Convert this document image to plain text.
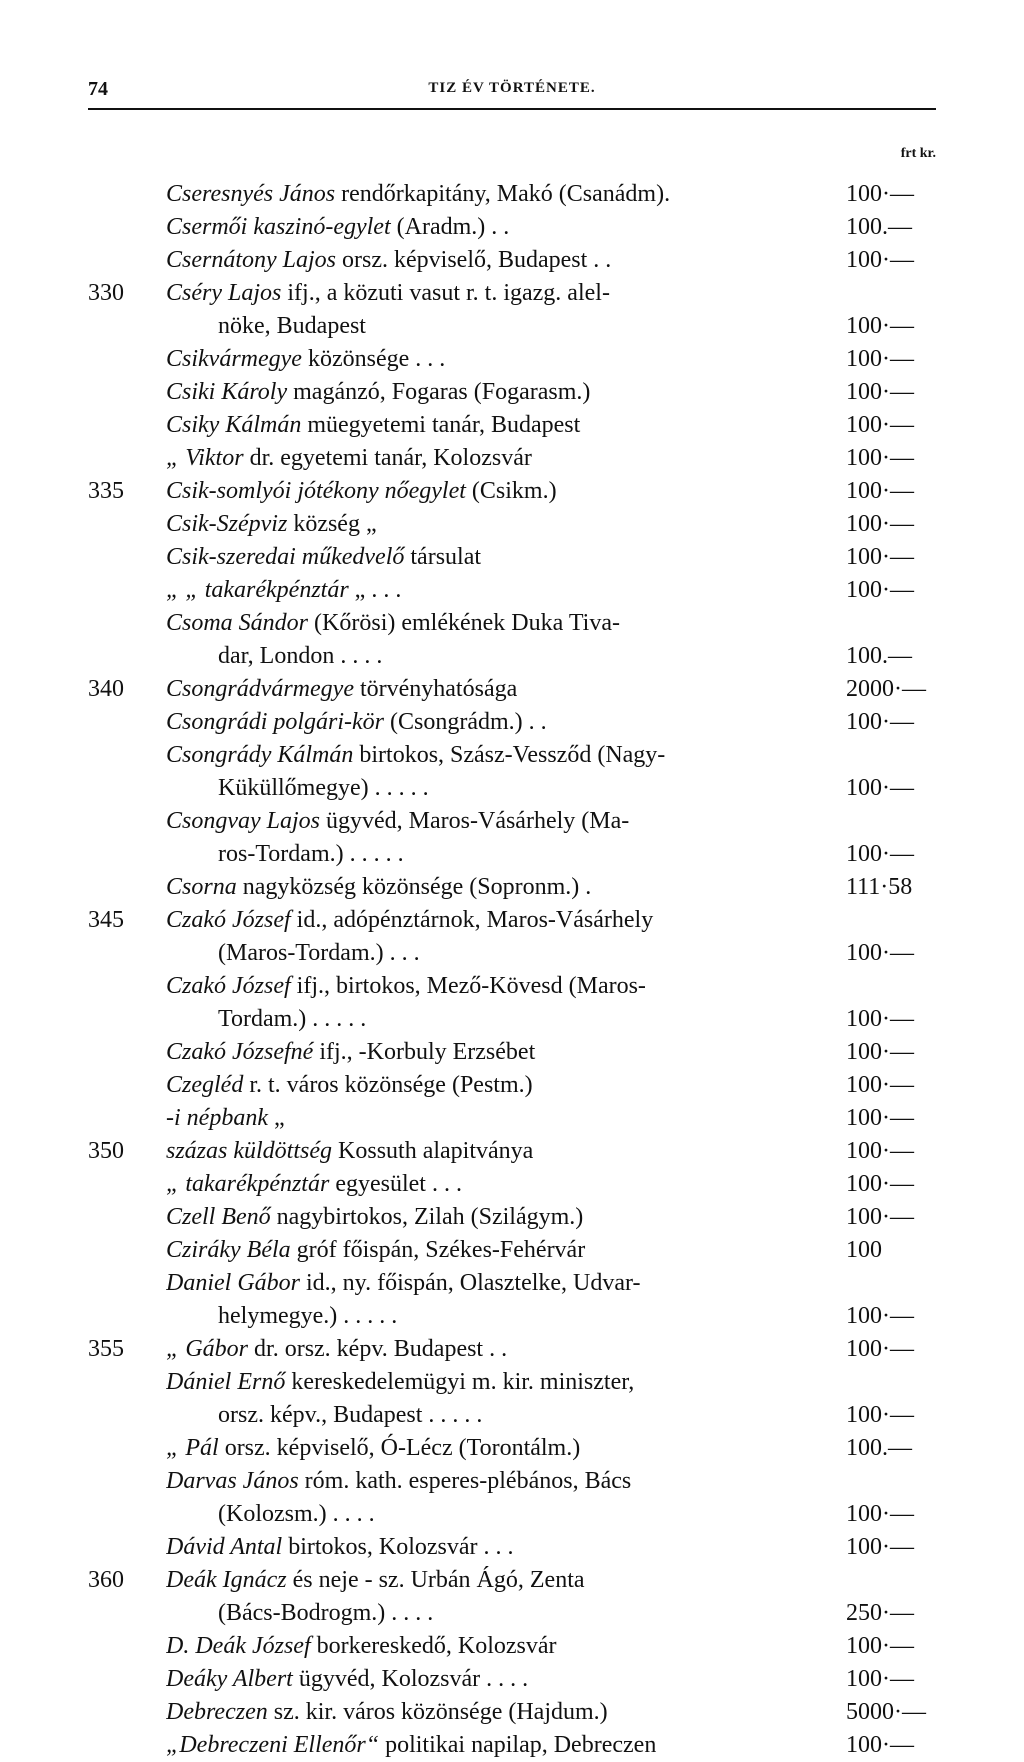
74	TIZ ÉV TÖRTÉNETE.
frt kr.
Cseresnyés János rendőrkapitány, Makó (Csanádm).	100·—
Csermői kaszinó-egylet (Aradm.) . .	100.—
Csernátony Lajos orsz. képviselő, Budapest . .	100·—
330	Cséry Lajos ifj., a közuti vasut r. t. igazg. alel-
nöke, Budapest	100·—
Csikvármegye közönsége . . .	100·—
Csiki Károly magánzó, Fogaras (Fogarasm.)	100·—
Csiky Kálmán müegyetemi tanár, Budapest	100·—
„ Viktor dr. egyetemi tanár, Kolozsvár	100·—
335	Csik-somlyói jótékony nőegylet (Csikm.)	100·—
Csik-Szépviz község „	100·—
Csik-szeredai műkedvelő társulat	100·—
„ „ takarékpénztár „ . . .	100·—
Csoma Sándor (Kőrösi) emlékének Duka Tiva-
dar, London . . . .	100.—
340	Csongrádvármegye törvényhatósága	2000·—
Csongrádi polgári-kör (Csongrádm.) . .	100·—
Csongrády Kálmán birtokos, Szász-Vessződ (Nagy-
Küküllőmegye) . . . . .	100·—
Csongvay Lajos ügyvéd, Maros-Vásárhely (Ma-
ros-Tordam.) . . . . .	100·—
Csorna nagyközség közönsége (Sopronm.) .	111·58
345	Czakó József id., adópénztárnok, Maros-Vásárhely
(Maros-Tordam.) . . .	100·—
Czakó József ifj., birtokos, Mező-Kövesd (Maros-
Tordam.) . . . . .	100·—
Czakó Józsefné ifj., -Korbuly Erzsébet	100·—
Czegléd r. t. város közönsége (Pestm.)	100·—
-i népbank „	100·—
350	százas küldöttség Kossuth alapitványa	100·—
„ takarékpénztár egyesület . . .	100·—
Czell Benő nagybirtokos, Zilah (Szilágym.)	100·—
Cziráky Béla gróf főispán, Székes-Fehérvár	100
Daniel Gábor id., ny. főispán, Olasztelke, Udvar-
helymegye.) . . . . .	100·—
355	„ Gábor dr. orsz. képv. Budapest . .	100·—
Dániel Ernő kereskedelemügyi m. kir. miniszter,
orsz. képv., Budapest . . . . .	100·—
„ Pál orsz. képviselő, Ó-Lécz (Torontálm.)	100.—
Darvas János róm. kath. esperes-plébános, Bács
(Kolozsm.) . . . .	100·—
Dávid Antal birtokos, Kolozsvár . . .	100·—
360	Deák Ignácz és neje - sz. Urbán Ágó, Zenta
(Bács-Bodrogm.) . . . .	250·—
D. Deák József borkereskedő, Kolozsvár	100·—
Deáky Albert ügyvéd, Kolozsvár . . . .	100·—
Debreczen sz. kir. város közönsége (Hajdum.)	5000·—
„Debreczeni Ellenőr“ politikai napilap, Debreczen	100·—
